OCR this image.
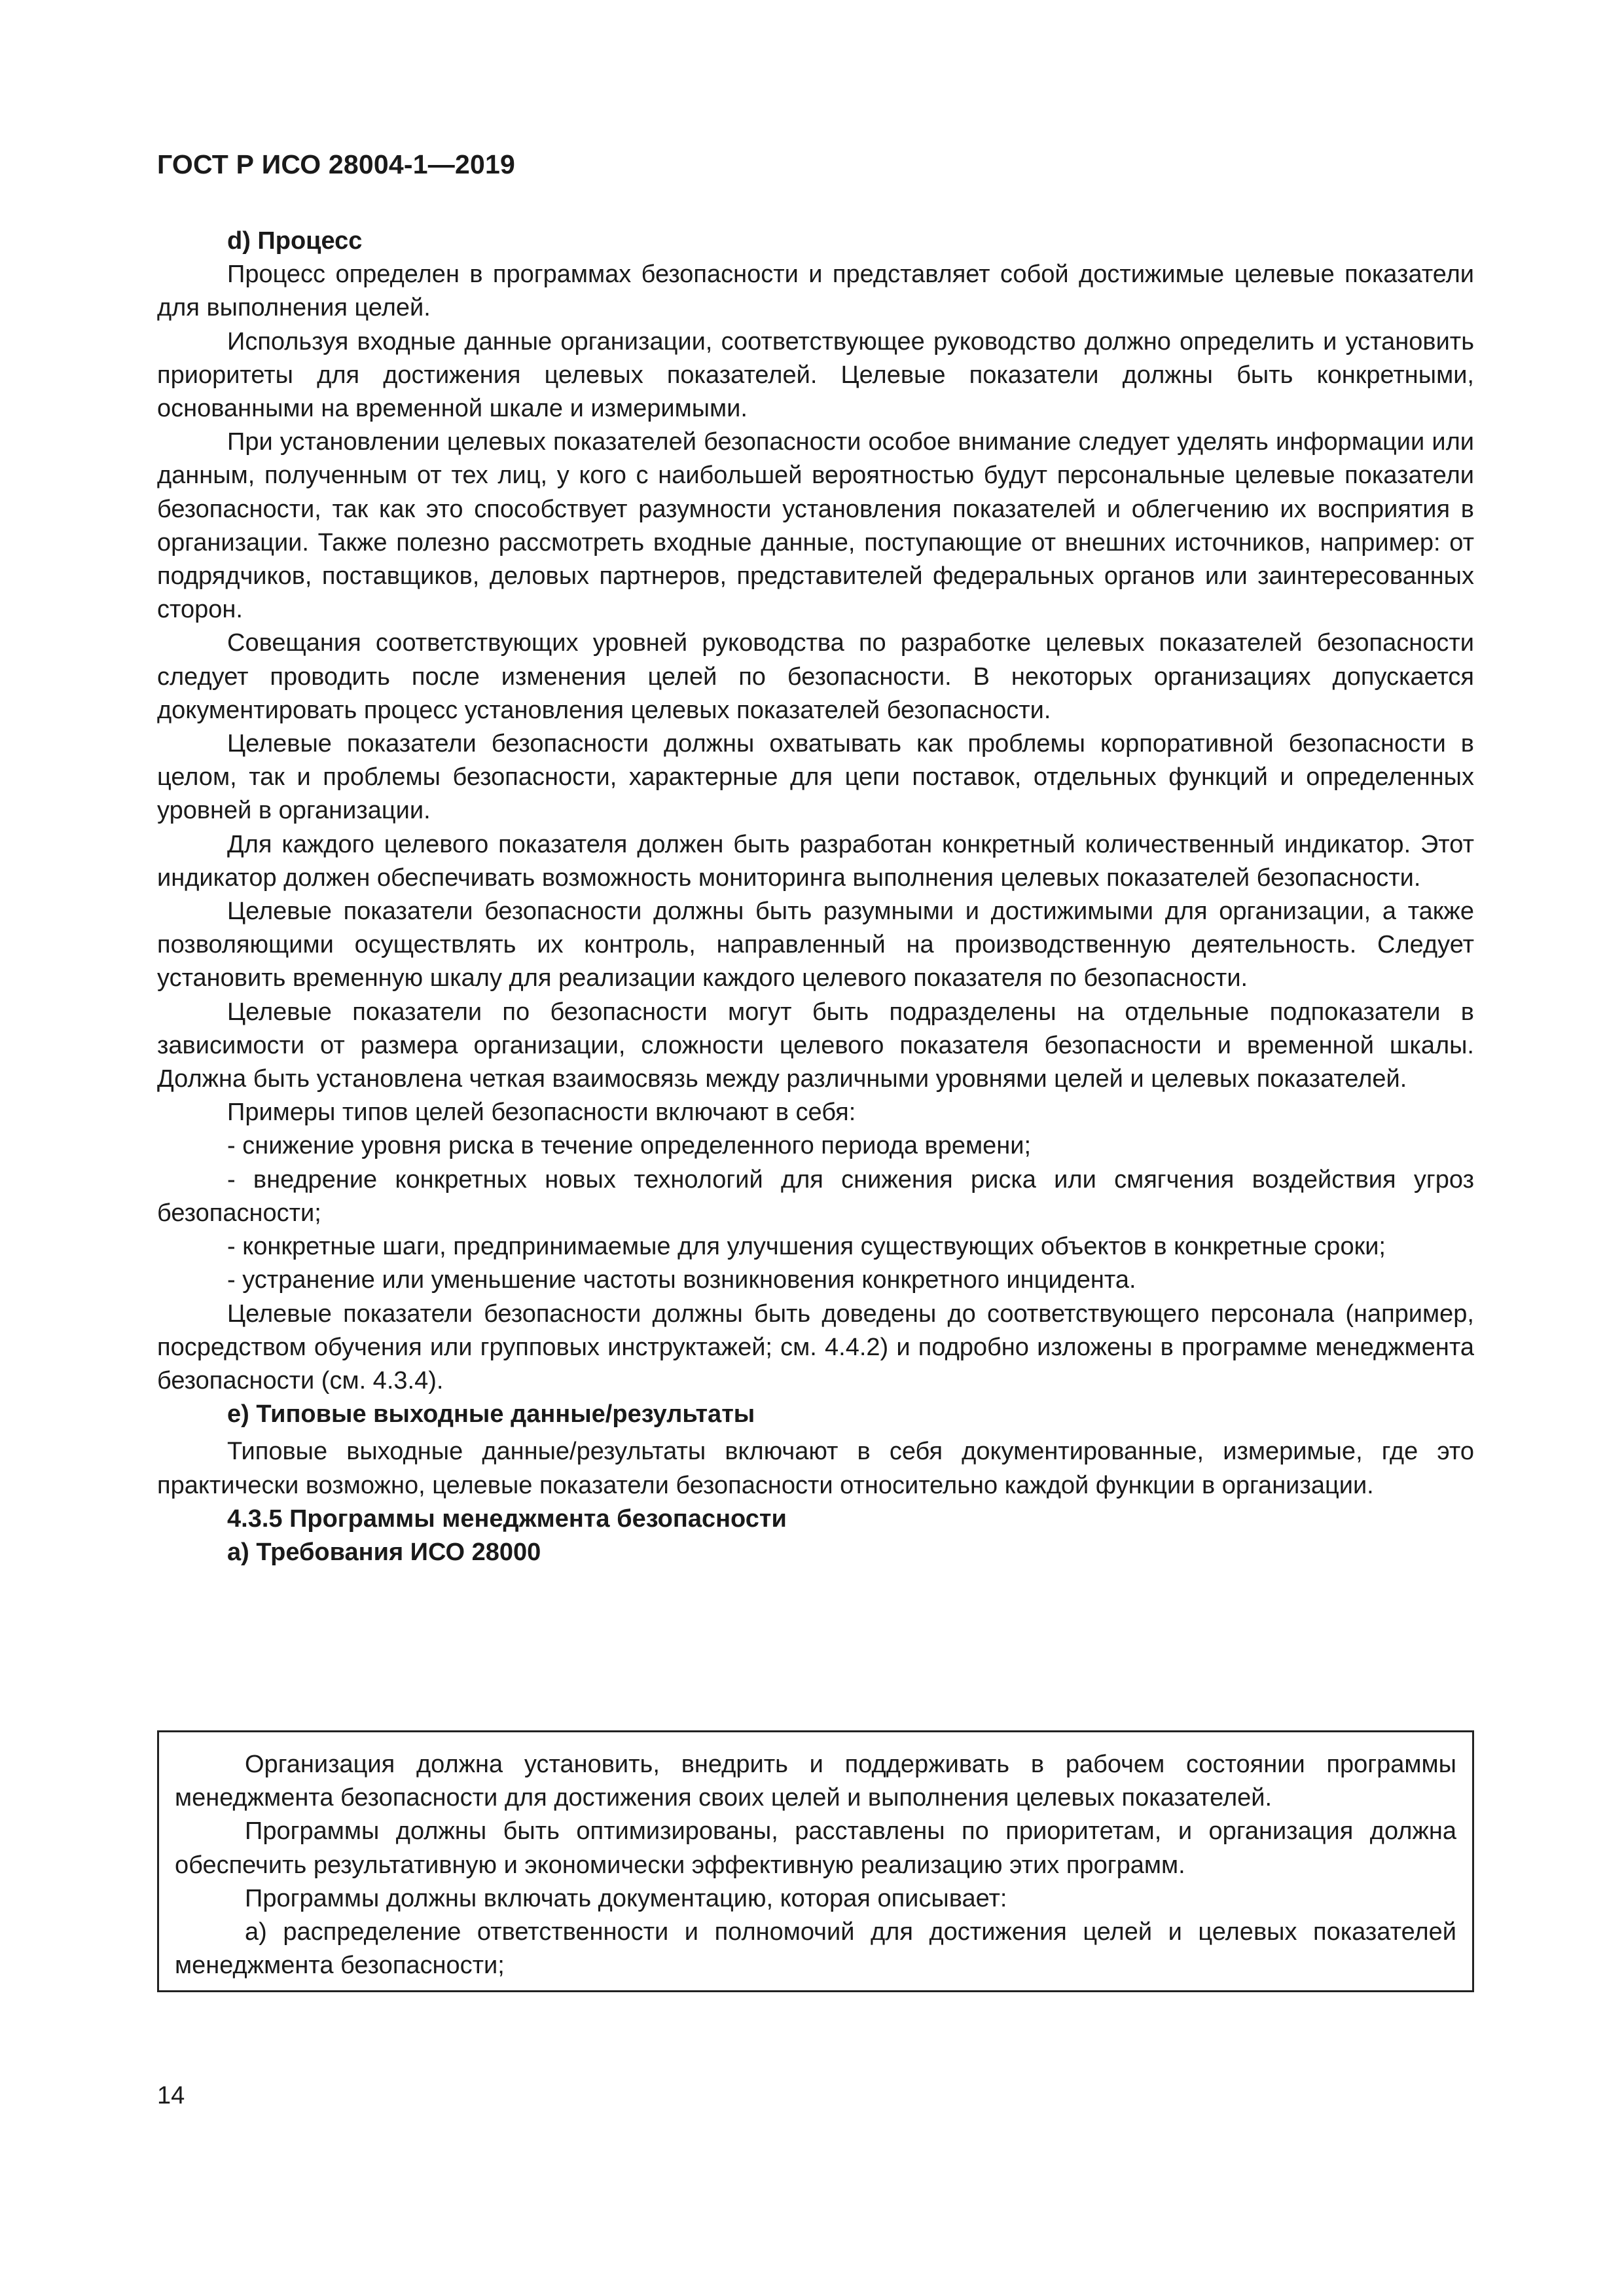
ГОСТ Р ИСО 28004-1—2019

d) Процесс

Процесс определен в программах безопасности и представляет собой достижимые целевые показатели для выполнения целей.

Используя входные данные организации, соответствующее руководство должно определить и установить приоритеты для достижения целевых показателей. Целевые показатели должны быть конкретными, основанными на временной шкале и измеримыми.

При установлении целевых показателей безопасности особое внимание следует уделять информации или данным, полученным от тех лиц, у кого с наибольшей вероятностью будут персональные целевые показатели безопасности, так как это способствует разумности установления показателей и облегчению их восприятия в организации. Также полезно рассмотреть входные данные, поступающие от внешних источников, например: от подрядчиков, поставщиков, деловых партнеров, представителей федеральных органов или заинтересованных сторон.

Совещания соответствующих уровней руководства по разработке целевых показателей безопасности следует проводить после изменения целей по безопасности. В некоторых организациях допускается документировать процесс установления целевых показателей безопасности.

Целевые показатели безопасности должны охватывать как проблемы корпоративной безопасности в целом, так и проблемы безопасности, характерные для цепи поставок, отдельных функций и определенных уровней в организации.

Для каждого целевого показателя должен быть разработан конкретный количественный индикатор. Этот индикатор должен обеспечивать возможность мониторинга выполнения целевых показателей безопасности.

Целевые показатели безопасности должны быть разумными и достижимыми для организации, а также позволяющими осуществлять их контроль, направленный на производственную деятельность. Следует установить временную шкалу для реализации каждого целевого показателя по безопасности.

Целевые показатели по безопасности могут быть подразделены на отдельные подпоказатели в зависимости от размера организации, сложности целевого показателя безопасности и временной шкалы. Должна быть установлена четкая взаимосвязь между различными уровнями целей и целевых показателей.

Примеры типов целей безопасности включают в себя:

- снижение уровня риска в течение определенного периода времени;

- внедрение конкретных новых технологий для снижения риска или смягчения воздействия угроз безопасности;

- конкретные шаги, предпринимаемые для улучшения существующих объектов в конкретные сроки;

- устранение или уменьшение частоты возникновения конкретного инцидента.

Целевые показатели безопасности должны быть доведены до соответствующего персонала (например, посредством обучения или групповых инструктажей; см. 4.4.2) и подробно изложены в программе менеджмента безопасности (см. 4.3.4).

е) Типовые выходные данные/результаты

Типовые выходные данные/результаты включают в себя документированные, измеримые, где это практически возможно, целевые показатели безопасности относительно каждой функции в организации.

4.3.5 Программы менеджмента безопасности

а) Требования ИСО 28000

Организация должна установить, внедрить и поддерживать в рабочем состоянии программы менеджмента безопасности для достижения своих целей и выполнения целевых показателей.

Программы должны быть оптимизированы, расставлены по приоритетам, и организация должна обеспечить результативную и экономически эффективную реализацию этих программ.

Программы должны включать документацию, которая описывает:

а) распределение ответственности и полномочий для достижения целей и целевых показателей менеджмента безопасности;

14
